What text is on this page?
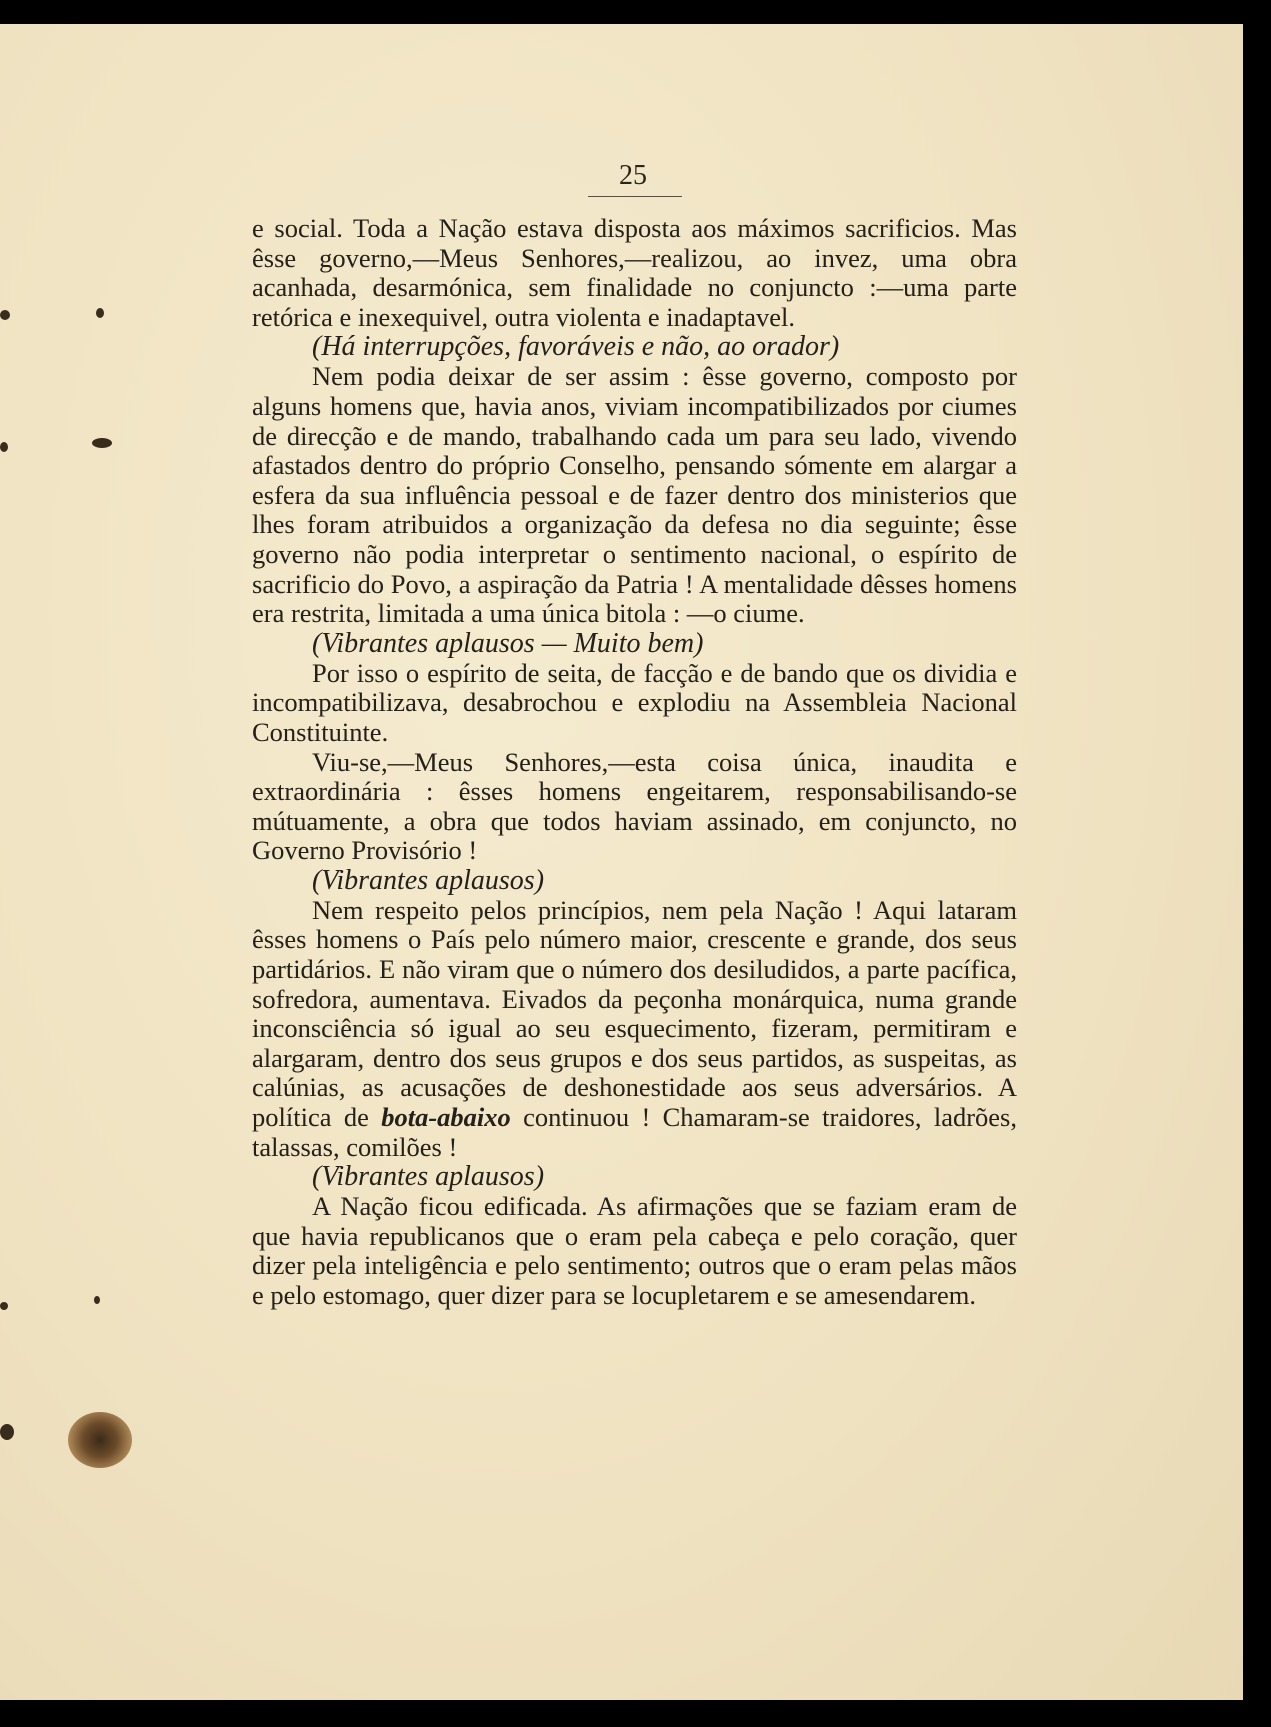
25

e social. Toda a Nação estava disposta aos máximos sacrificios. Mas êsse governo,—Meus Senhores,—realizou, ao invez, uma obra acanhada, desarmónica, sem finalidade no conjuncto :—uma parte retórica e inexequivel, outra violenta e inadaptavel.

(Há interrupções, favoráveis e não, ao orador)

Nem podia deixar de ser assim : êsse governo, composto por alguns homens que, havia anos, viviam incompatibilizados por ciumes de direcção e de mando, trabalhando cada um para seu lado, vivendo afastados dentro do próprio Conselho, pensando sómente em alargar a esfera da sua influência pessoal e de fazer dentro dos ministerios que lhes foram atribuidos a organização da defesa no dia seguinte; êsse governo não podia interpretar o sentimento nacional, o espírito de sacrificio do Povo, a aspiração da Patria ! A mentalidade dêsses homens era restrita, limitada a uma única bitola : —o ciume.

(Vibrantes aplausos — Muito bem)

Por isso o espírito de seita, de facção e de bando que os dividia e incompatibilizava, desabrochou e explodiu na Assembleia Nacional Constituinte.

Viu-se,—Meus Senhores,—esta coisa única, inaudita e extraordinária : êsses homens engeitarem, responsabilisando-se mútuamente, a obra que todos haviam assinado, em conjuncto, no Governo Provisório !

(Vibrantes aplausos)

Nem respeito pelos princípios, nem pela Nação ! Aqui lataram êsses homens o País pelo número maior, crescente e grande, dos seus partidários. E não viram que o número dos desiludidos, a parte pacífica, sofredora, aumentava. Eivados da peçonha monárquica, numa grande inconsciência só igual ao seu esquecimento, fizeram, permitiram e alargaram, dentro dos seus grupos e dos seus partidos, as suspeitas, as calúnias, as acusações de deshonestidade aos seus adversários. A política de bota-abaixo continuou ! Chamaram-se traidores, ladrões, talassas, comilões !

(Vibrantes aplausos)

A Nação ficou edificada. As afirmações que se faziam eram de que havia republicanos que o eram pela cabeça e pelo coração, quer dizer pela inteligência e pelo sentimento; outros que o eram pelas mãos e pelo estomago, quer dizer para se locupletarem e se amesendarem.
